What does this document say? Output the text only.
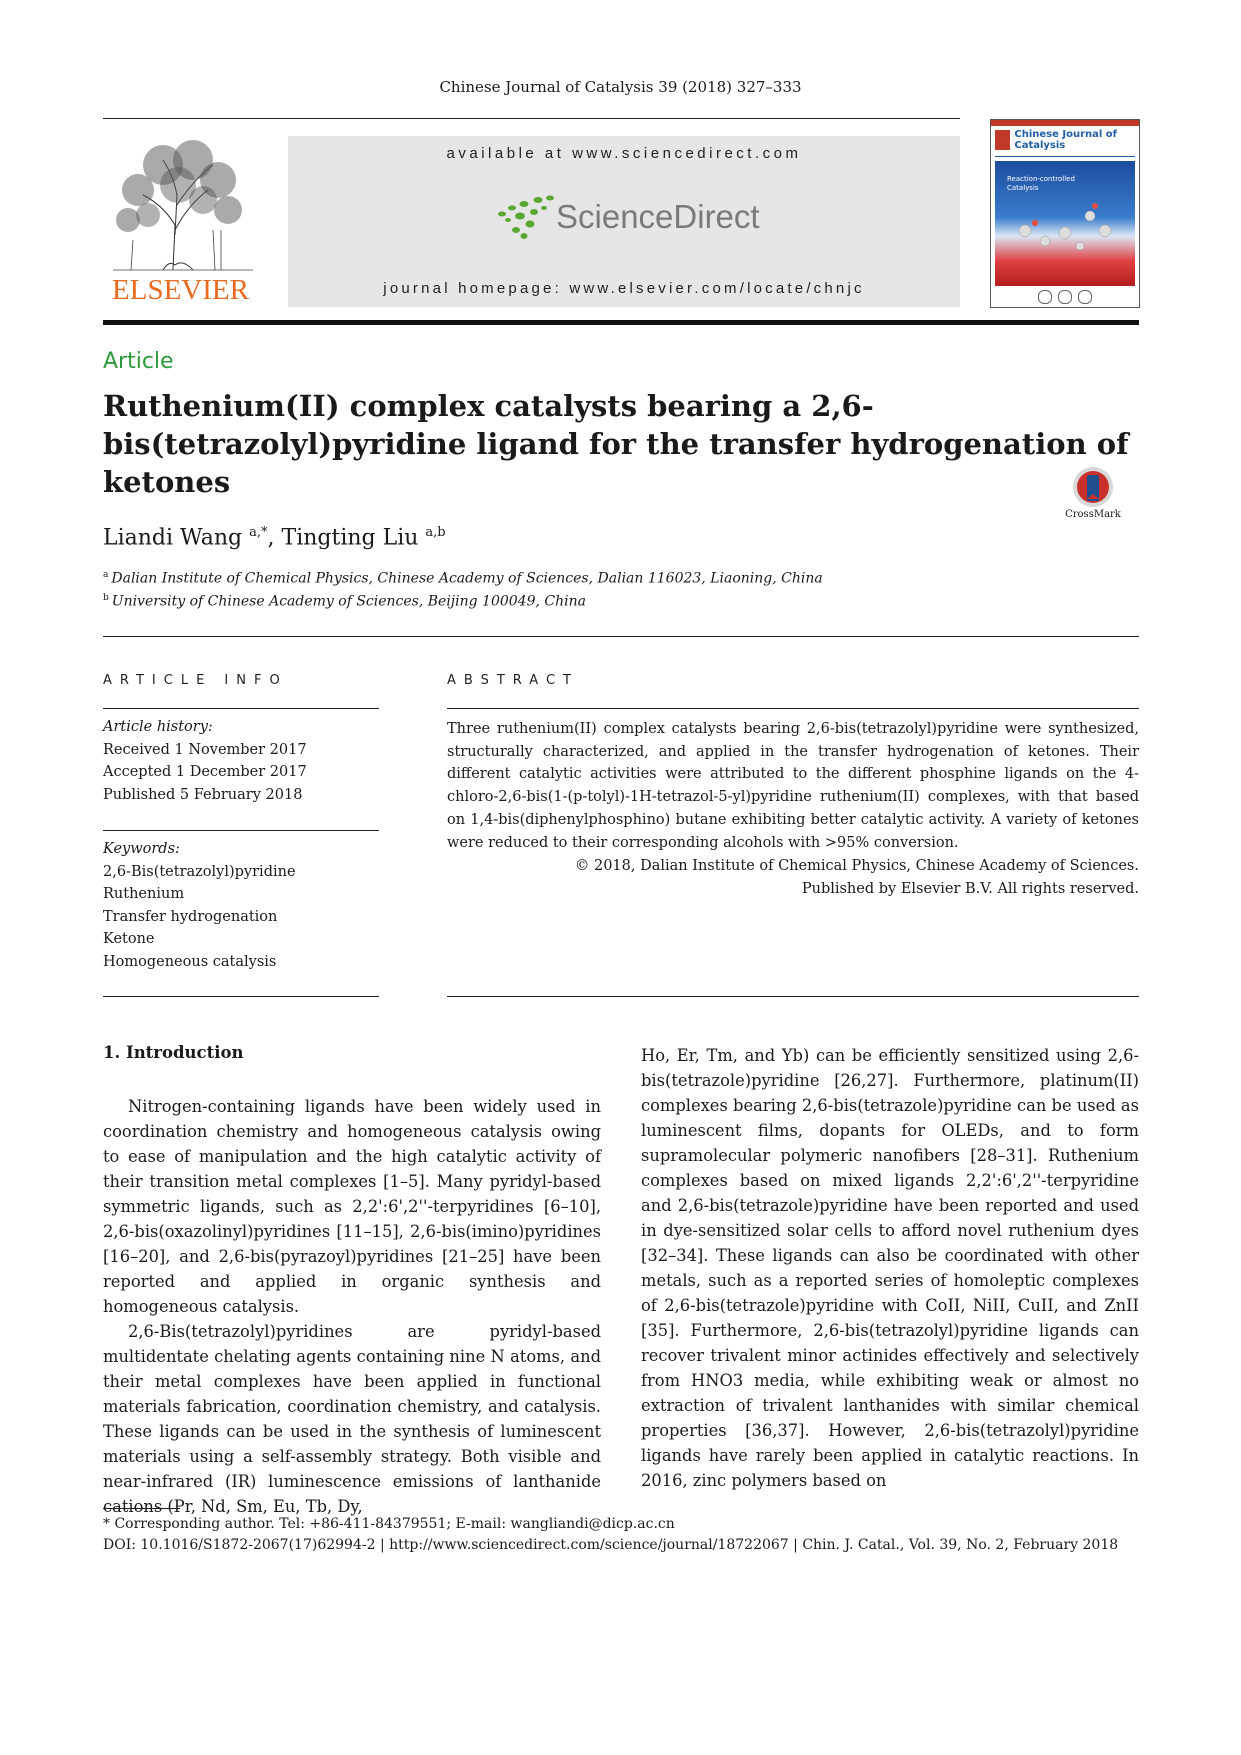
Chinese Journal of Catalysis 39 (2018) 327–333
ELSEVIER
available at www.sciencedirect.com
ScienceDirect
journal homepage: www.elsevier.com/locate/chnjc
Chinese Journal of Catalysis
Reaction-controlled Catalysis
Article
Ruthenium(II) complex catalysts bearing a 2,6-bis(tetrazolyl)pyridine ligand for the transfer hydrogenation of ketones
CrossMark
Liandi Wang $^{a,*}$, Tingting Liu $^{a,b}$
$^a$ Dalian Institute of Chemical Physics, Chinese Academy of Sciences, Dalian 116023, Liaoning, China
$^b$ University of Chinese Academy of Sciences, Beijing 100049, China
ARTICLE INFO
Article history:
Received 1 November 2017
Accepted 1 December 2017
Published 5 February 2018
Keywords:
2,6-Bis(tetrazolyl)pyridine
Ruthenium
Transfer hydrogenation
Ketone
Homogeneous catalysis
ABSTRACT
Three ruthenium(II) complex catalysts bearing 2,6-bis(tetrazolyl)pyridine were synthesized, structurally characterized, and applied in the transfer hydrogenation of ketones. Their different catalytic activities were attributed to the different phosphine ligands on the 4-chloro-2,6-bis(1-(p-tolyl)-1H-tetrazol-5-yl)pyridine ruthenium(II) complexes, with that based on 1,4-bis(diphenylphosphino) butane exhibiting better catalytic activity. A variety of ketones were reduced to their corresponding alcohols with >95% conversion.
© 2018, Dalian Institute of Chemical Physics, Chinese Academy of Sciences.
Published by Elsevier B.V. All rights reserved.
1. Introduction

Nitrogen-containing ligands have been widely used in coordination chemistry and homogeneous catalysis owing to ease of manipulation and the high catalytic activity of their transition metal complexes [1–5]. Many pyridyl-based symmetric ligands, such as 2,2':6',2''-terpyridines [6–10], 2,6-bis(oxazolinyl)pyridines [11–15], 2,6-bis(imino)pyridines [16–20], and 2,6-bis(pyrazoyl)pyridines [21–25] have been reported and applied in organic synthesis and homogeneous catalysis.

2,6-Bis(tetrazolyl)pyridines are pyridyl-based multidentate chelating agents containing nine N atoms, and their metal complexes have been applied in functional materials fabrication, coordination chemistry, and catalysis. These ligands can be used in the synthesis of luminescent materials using a self-assembly strategy. Both visible and near-infrared (IR) luminescence emissions of lanthanide cations (Pr, Nd, Sm, Eu, Tb, Dy,

Ho, Er, Tm, and Yb) can be efficiently sensitized using 2,6-bis(tetrazole)pyridine [26,27]. Furthermore, platinum(II) complexes bearing 2,6-bis(tetrazole)pyridine can be used as luminescent films, dopants for OLEDs, and to form supramolecular polymeric nanofibers [28–31]. Ruthenium complexes based on mixed ligands 2,2':6',2''-terpyridine and 2,6-bis(tetrazole)pyridine have been reported and used in dye-sensitized solar cells to afford novel ruthenium dyes [32–34]. These ligands can also be coordinated with other metals, such as a reported series of homoleptic complexes of 2,6-bis(tetrazole)pyridine with CoII, NiII, CuII, and ZnII [35]. Furthermore, 2,6-bis(tetrazolyl)pyridine ligands can recover trivalent minor actinides effectively and selectively from HNO3 media, while exhibiting weak or almost no extraction of trivalent lanthanides with similar chemical properties [36,37]. However, 2,6-bis(tetrazolyl)pyridine ligands have rarely been applied in catalytic reactions. In 2016, zinc polymers based on

* Corresponding author. Tel: +86-411-84379551; E-mail: wangliandi@dicp.ac.cn
DOI: 10.1016/S1872-2067(17)62994-2 | http://www.sciencedirect.com/science/journal/18722067 | Chin. J. Catal., Vol. 39, No. 2, February 2018
